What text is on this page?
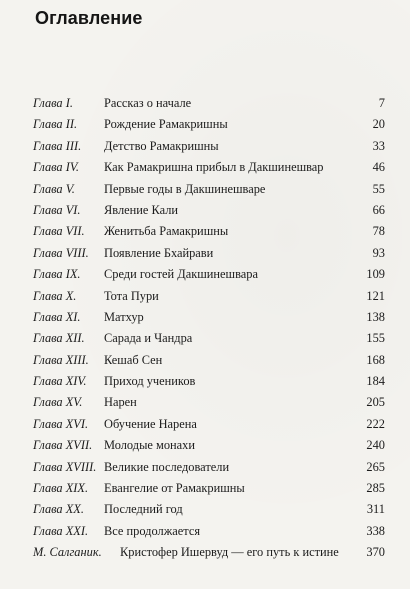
Оглавление
Глава I.	Рассказ о начале	7
Глава II. Рождение Рамакришны	20
Глава III. Детство Рамакришны	33
Глава IV. Как Рамакришна прибыл в Дакшинешвар	46
Глава V. Первые годы в Дакшинешваре	55
Глава VI. Явление Кали	66
Глава VII. Женитьба Рамакришны	78
Глава VIII. Появление Бхайрави	93
Глава IX. Среди гостей Дакшинешвара	109
Глава X. Тота Пури	121
Глава XI. Матхур	138
Глава XII. Сарада и Чандра	155
Глава XIII. Кешаб Сен	168
Глава XIV. Приход учеников	184
Глава XV. Нарен	205
Глава XVI. Обучение Нарена	222
Глава XVII. Молодые монахи	240
Глава XVIII. Великие последователи	265
Глава XIX. Евангелие от Рамакришны	285
Глава XX. Последний год	311
Глава XXI. Все продолжается	338
М. Салганик. Кристофер Ишервуд — его путь к истине 370
